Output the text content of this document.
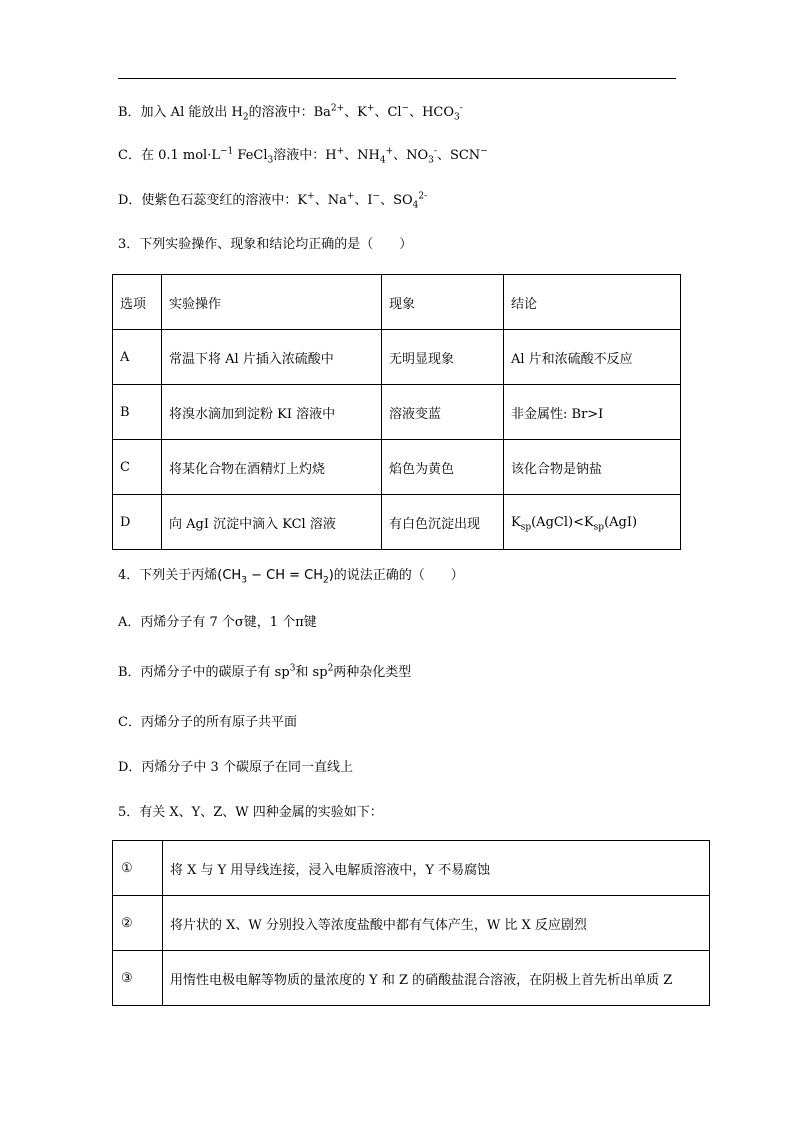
B．加入 Al 能放出 $H_2$的溶液中：$Ba^{2+}$、K+、Cl−、$HCO_3^-$
C．在 0.1 $mol\cdot L^{-1}$ FeCl$_3$溶液中：H+、$NH_4^+$、$NO_3^-$、SCN−
D．使紫色石蕊变红的溶液中：K+、Na+、I−、$SO_4^{2-}$
3．下列实验操作、现象和结论均正确的是（　　）
选项	实验操作	现象	结论
A	常温下将 Al 片插入浓硫酸中	无明显现象	Al 片和浓硫酸不反应
B	将溴水滴加到淀粉 KI 溶液中	溶液变蓝	非金属性: Br>I
C	将某化合物在酒精灯上灼烧	焰色为黄色	该化合物是钠盐
D	向 AgI 沉淀中滴入 KCl 溶液	有白色沉淀出现	$K_{sp}(AgCl)<K_{sp}(AgI)$
4．下列关于丙烯($CH_3$ − CH = $CH_2$)的说法正确的（　　）
A．丙烯分子有 7 个σ键，1 个π键
B．丙烯分子中的碳原子有 $sp^3$和 $sp^2$两种杂化类型
C．丙烯分子的所有原子共平面
D．丙烯分子中 3 个碳原子在同一直线上
5．有关 X、Y、Z、W 四种金属的实验如下：
①	将 X 与 Y 用导线连接，浸入电解质溶液中，Y 不易腐蚀
②	将片状的 X、W 分别投入等浓度盐酸中都有气体产生，W 比 X 反应剧烈
③	用惰性电极电解等物质的量浓度的 Y 和 Z 的硝酸盐混合溶液，在阴极上首先析出单质 Z
